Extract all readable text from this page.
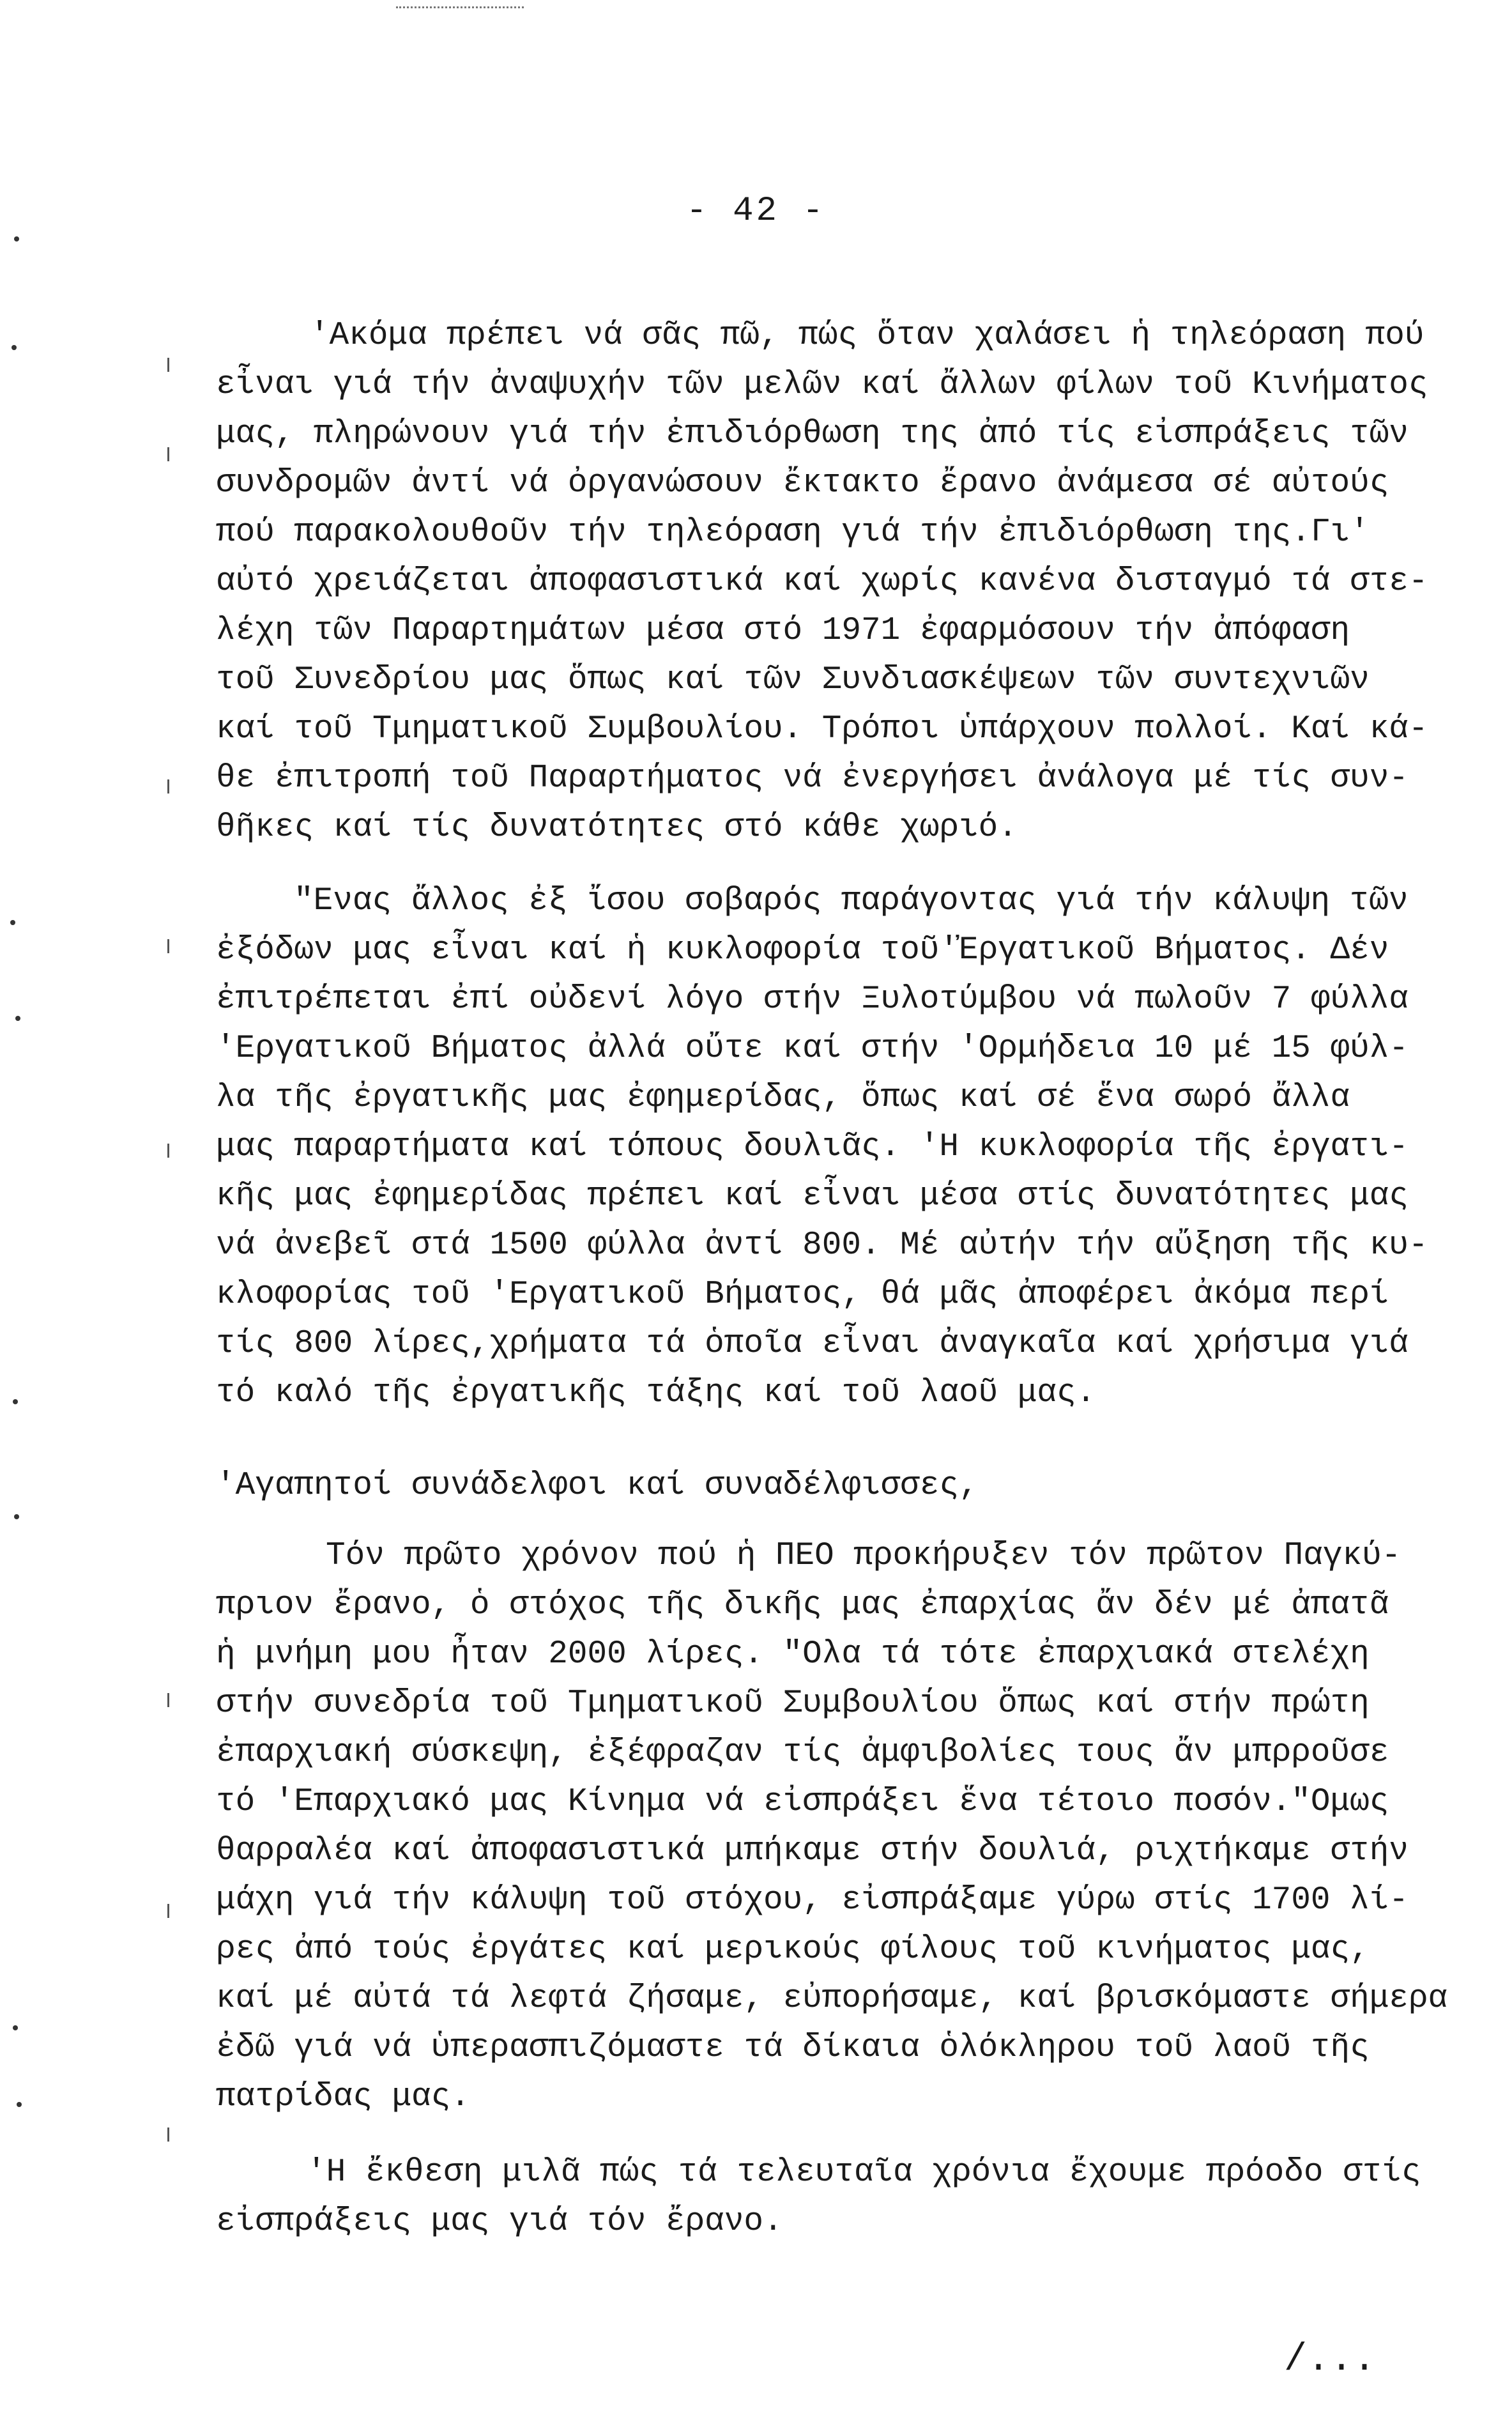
- 42 -
'Ακόμα πρέπει νά σᾶς πῶ, πώς ὅταν χαλάσει ἡ τηλεόραση πού
εἶναι γιά τήν ἀναψυχήν τῶν μελῶν καί ἄλλων φίλων τοῦ Κινήματος
μας, πληρώνουν γιά τήν ἐπιδιόρθωση της ἀπό τίς εἰσπράξεις τῶν
συνδρομῶν ἀντί νά ὀργανώσουν ἔκτακτο ἔρανο ἀνάμεσα σέ αὐτούς
πού παρακολουθοῦν τήν τηλεόραση γιά τήν ἐπιδιόρθωση της.Γι'
αὐτό χρειάζεται ἀποφασιστικά καί χωρίς κανένα δισταγμό τά στε-
λέχη τῶν Παραρτημάτων μέσα στό 1971 ἐφαρμόσουν τήν ἀπόφαση
τοῦ Συνεδρίου μας ὅπως καί τῶν Συνδιασκέψεων τῶν συντεχνιῶν
καί τοῦ Τμηματικοῦ Συμβουλίου. Τρόποι ὑπάρχουν πολλοί. Καί κά-
θε ἐπιτροπή τοῦ Παραρτήματος νά ἐνεργήσει ἀνάλογα μέ τίς συν-
θῆκες καί τίς δυνατότητες στό κάθε χωριό.
"Ενας ἄλλος ἐξ ἴσου σοβαρός παράγοντας γιά τήν κάλυψη τῶν
ἐξόδων μας εἶναι καί ἡ κυκλοφορία τοῦ'Ἐργατικοῦ Βήματος. Δέν
ἐπιτρέπεται ἐπί οὐδενί λόγο στήν Ξυλοτύμβου νά πωλοῦν 7 φύλλα
'Εργατικοῦ Βήματος ἀλλά οὔτε καί στήν 'Ορμήδεια 10 μέ 15 φύλ-
λα τῆς ἐργατικῆς μας ἐφημερίδας, ὅπως καί σέ ἕνα σωρό ἄλλα
μας παραρτήματα καί τόπους δουλιᾶς. 'Η κυκλοφορία τῆς ἐργατι-
κῆς μας ἐφημερίδας πρέπει καί εἶναι μέσα στίς δυνατότητες μας
νά ἀνεβεῖ στά 1500 φύλλα ἀντί 800. Μέ αὐτήν τήν αὔξηση τῆς κυ-
κλοφορίας τοῦ 'Εργατικοῦ Βήματος, θά μᾶς ἀποφέρει ἀκόμα περί
τίς 800 λίρες,χρήματα τά ὁποῖα εἶναι ἀναγκαῖα καί χρήσιμα γιά
τό καλό τῆς ἐργατικῆς τάξης καί τοῦ λαοῦ μας.
'Αγαπητοί συνάδελφοι καί συναδέλφισσες,
Τόν πρῶτο χρόνον πού ἡ ΠΕΟ προκήρυξεν τόν πρῶτον Παγκύ-
πριον ἔρανο, ὁ στόχος τῆς δικῆς μας ἐπαρχίας ἄν δέν μέ ἀπατᾶ
ἡ μνήμη μου ἦταν 2000 λίρες. "Ολα τά τότε ἐπαρχιακά στελέχη
στήν συνεδρία τοῦ Τμηματικοῦ Συμβουλίου ὅπως καί στήν πρώτη
ἐπαρχιακή σύσκεψη, ἐξέφραζαν τίς ἀμφιβολίες τους ἄν μπρροῦσε
τό 'Επαρχιακό μας Κίνημα νά εἰσπράξει ἕνα τέτοιο ποσόν."Ομως
θαρραλέα καί ἀποφασιστικά μπήκαμε στήν δουλιά, ριχτήκαμε στήν
μάχη γιά τήν κάλυψη τοῦ στόχου, εἰσπράξαμε γύρω στίς 1700 λί-
ρες ἀπό τούς ἐργάτες καί μερικούς φίλους τοῦ κινήματος μας,
καί μέ αὐτά τά λεφτά ζήσαμε, εὐπορήσαμε, καί βρισκόμαστε σήμερα
ἐδῶ γιά νά ὑπερασπιζόμαστε τά δίκαια ὁλόκληρου τοῦ λαοῦ τῆς
πατρίδας μας.
'Η ἔκθεση μιλᾶ πώς τά τελευταῖα χρόνια ἔχουμε πρόοδο στίς
εἰσπράξεις μας γιά τόν ἔρανο.
/...
